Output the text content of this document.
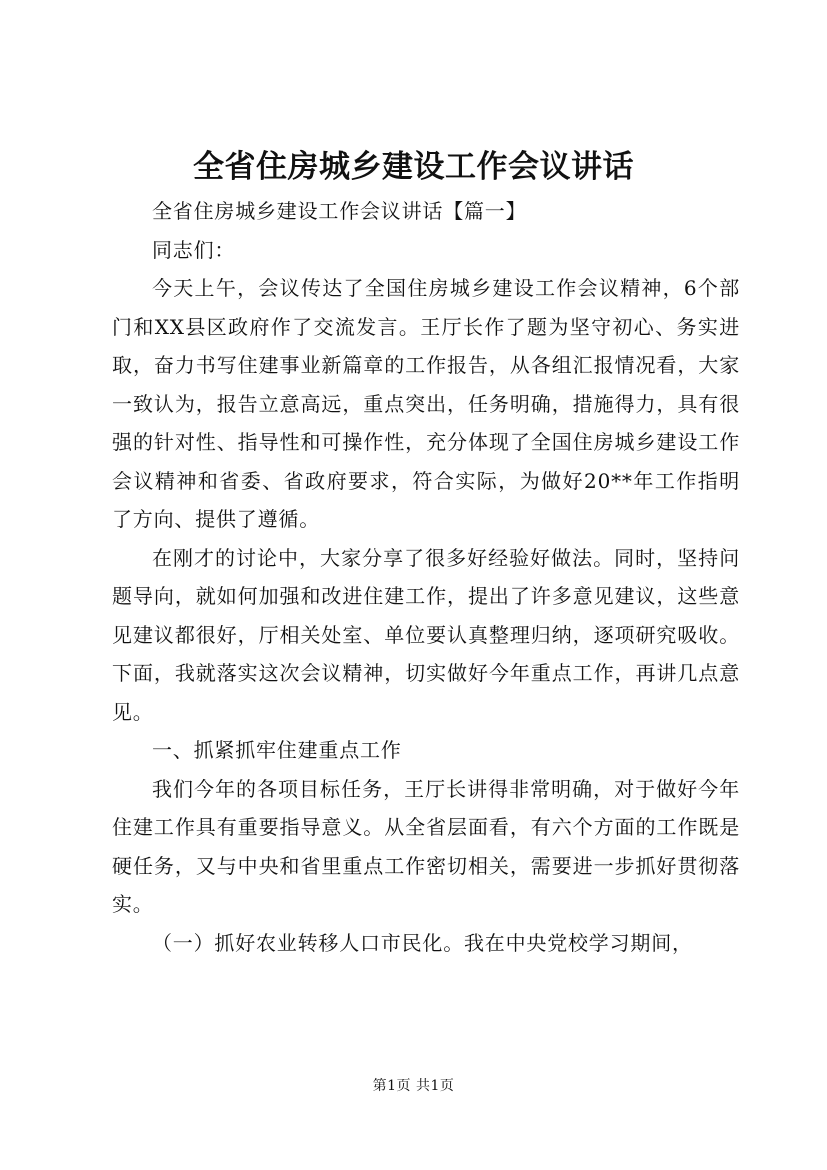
全省住房城乡建设工作会议讲话

全省住房城乡建设工作会议讲话【篇一】

同志们：

今天上午，会议传达了全国住房城乡建设工作会议精神，6个部门和XX县区政府作了交流发言。王厅长作了题为坚守初心、务实进取，奋力书写住建事业新篇章的工作报告，从各组汇报情况看，大家一致认为，报告立意高远，重点突出，任务明确，措施得力，具有很强的针对性、指导性和可操作性，充分体现了全国住房城乡建设工作会议精神和省委、省政府要求，符合实际，为做好20**年工作指明了方向、提供了遵循。

在刚才的讨论中，大家分享了很多好经验好做法。同时，坚持问题导向，就如何加强和改进住建工作，提出了许多意见建议，这些意见建议都很好，厅相关处室、单位要认真整理归纳，逐项研究吸收。下面，我就落实这次会议精神，切实做好今年重点工作，再讲几点意见。

一、抓紧抓牢住建重点工作

我们今年的各项目标任务，王厅长讲得非常明确，对于做好今年住建工作具有重要指导意义。从全省层面看，有六个方面的工作既是硬任务，又与中央和省里重点工作密切相关，需要进一步抓好贯彻落实。

（一）抓好农业转移人口市民化。我在中央党校学习期间，

第1页 共1页
